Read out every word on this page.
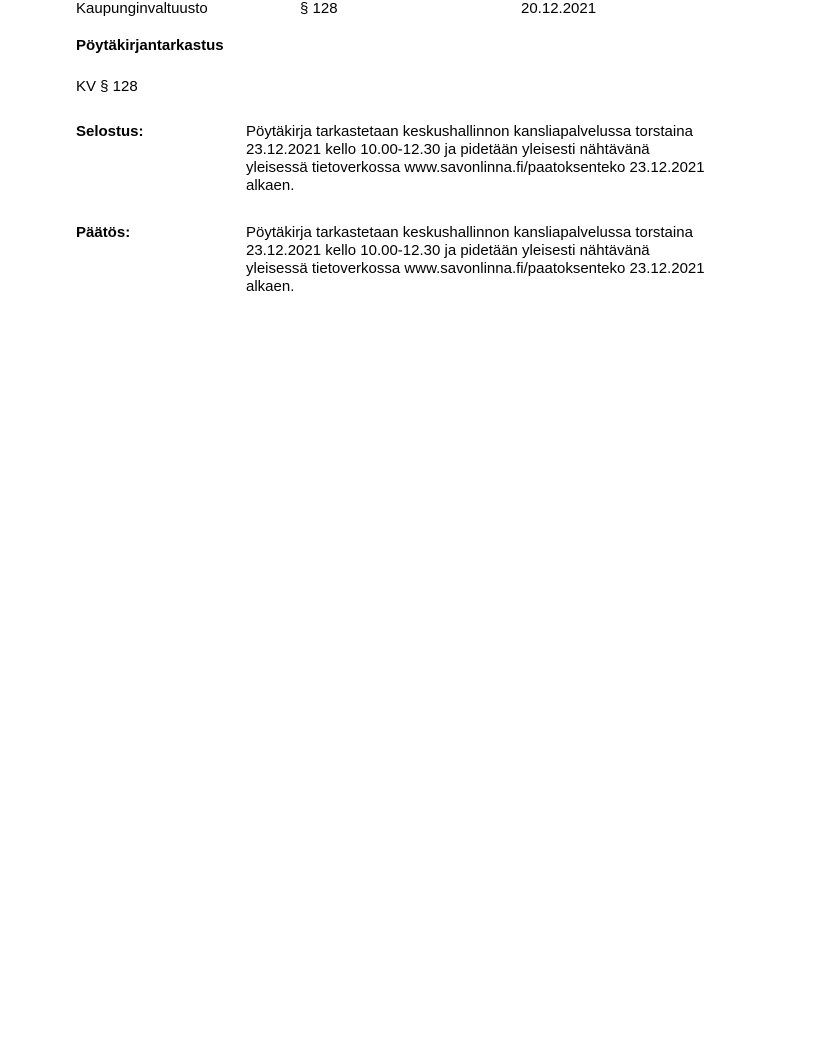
Kaupunginvaltuusto	§ 128	20.12.2021
Pöytäkirjantarkastus
KV § 128
Selostus:	Pöytäkirja tarkastetaan keskushallinnon kansliapalvelussa torstaina
23.12.2021 kello 10.00-12.30 ja pidetään yleisesti nähtävänä
yleisessä tietoverkossa www.savonlinna.fi/paatoksenteko 23.12.2021
alkaen.
Päätös:	Pöytäkirja tarkastetaan keskushallinnon kansliapalvelussa torstaina
23.12.2021 kello 10.00-12.30 ja pidetään yleisesti nähtävänä
yleisessä tietoverkossa www.savonlinna.fi/paatoksenteko 23.12.2021
alkaen.
